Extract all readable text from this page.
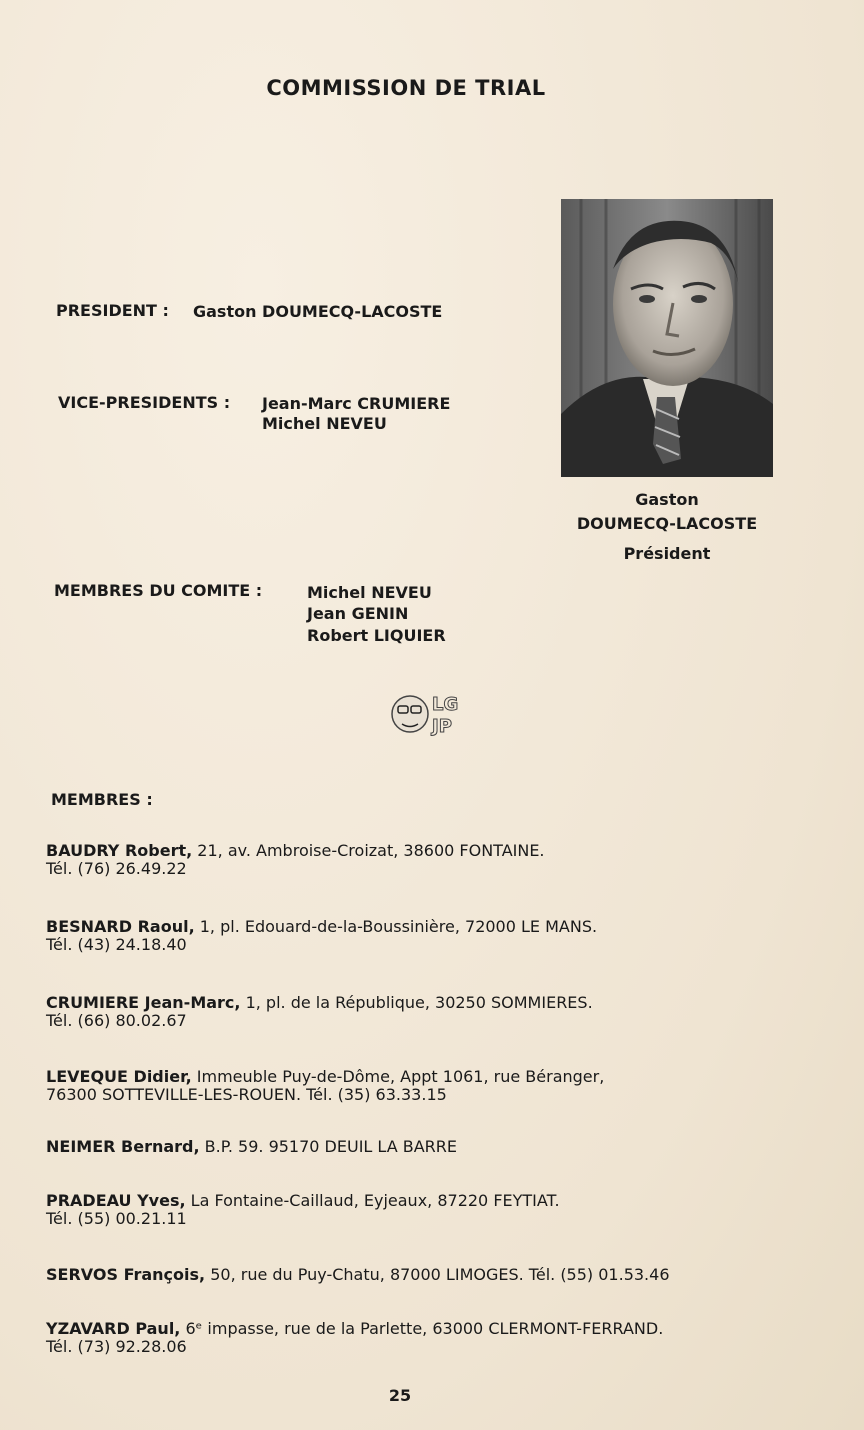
COMMISSION DE TRIAL
PRESIDENT : Gaston DOUMECQ-LACOSTE
VICE-PRESIDENTS : Jean-Marc CRUMIERE
Michel NEVEU
Gaston
DOUMECQ-LACOSTE
Président
MEMBRES DU COMITE :	Michel NEVEU
Jean GENIN
Robert LIQUIER
LG
JP
MEMBRES :
BAUDRY Robert, 21, av. Ambroise-Croizat, 38600 FONTAINE.
Tél. (76) 26.49.22
BESNARD Raoul, 1, pl. Edouard-de-la-Boussinière, 72000 LE MANS.
Tél. (43) 24.18.40
CRUMIERE Jean-Marc, 1, pl. de la République, 30250 SOMMIERES.
Tél. (66) 80.02.67
LEVEQUE Didier, Immeuble Puy-de-Dôme, Appt 1061, rue Béranger,
76300 SOTTEVILLE-LES-ROUEN. Tél. (35) 63.33.15
NEIMER Bernard, B.P. 59. 95170 DEUIL LA BARRE
PRADEAU Yves, La Fontaine-Caillaud, Eyjeaux, 87220 FEYTIAT.
Tél. (55) 00.21.11
SERVOS François, 50, rue du Puy-Chatu, 87000 LIMOGES. Tél. (55) 01.53.46
YZAVARD Paul, 6ᵉ impasse, rue de la Parlette, 63000 CLERMONT-FERRAND.
Tél. (73) 92.28.06
25
